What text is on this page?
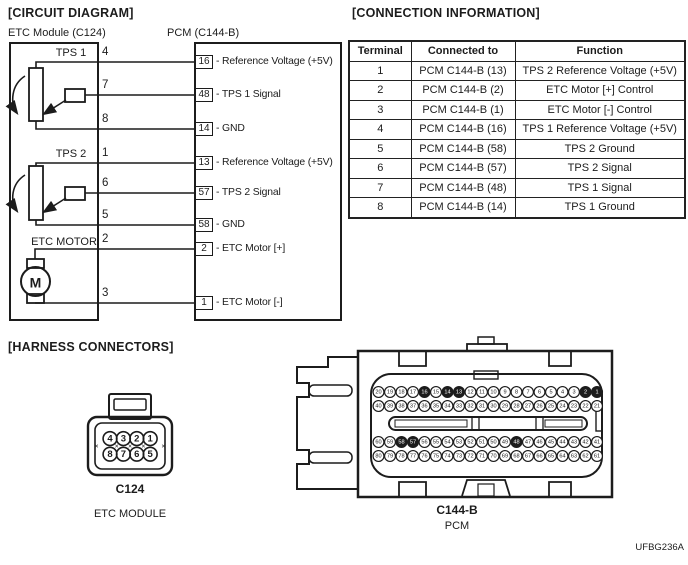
[CIRCUIT DIAGRAM]	[CONNECTION INFORMATION]
[HARNESS CONNECTORS]
ETC Module (C124)	PCM (C144-B)
M
TPS 1
TPS 2
ETC MOTOR
4
16 - Reference Voltage (+5V)
7
48 - TPS 1 Signal
8
14 - GND
1
13 - Reference Voltage (+5V)
6
57 - TPS 2 Signal
5
58 - GND
2
2 - ETC Motor [+]
3
1 - ETC Motor [-]
Terminal	Connected to	Function
1	PCM C144-B (13)	TPS 2 Reference Voltage (+5V)
2	PCM C144-B (2)	ETC Motor [+] Control
3	PCM C144-B (1)	ETC Motor [-] Control
4	PCM C144-B (16)	TPS 1 Reference Voltage (+5V)
5	PCM C144-B (58)	TPS 2 Ground
6	PCM C144-B (57)	TPS 2 Signal
7	PCM C144-B (48)	TPS 1 Signal
8	PCM C144-B (14)	TPS 1 Ground
4 3 2 1
8 7 6 5
× × × × ×
C124
ETC MODULE
20 19 18 17 16 15 14 13 12 11 10 9 8 7 6 5 4 3 2 1
40 39 38 37 36 35 34 33 32 31 30 29 28 27 26 25 24 23 22 21
60 59 58 57 56 55 54 53 52 51 50 49 48 47 46 45 44 43 42 41
80 79 78 77 76 75 74 73 72 71 70 69 68 67 66 65 64 63 62 61
C144-B
PCM
UFBG236A
